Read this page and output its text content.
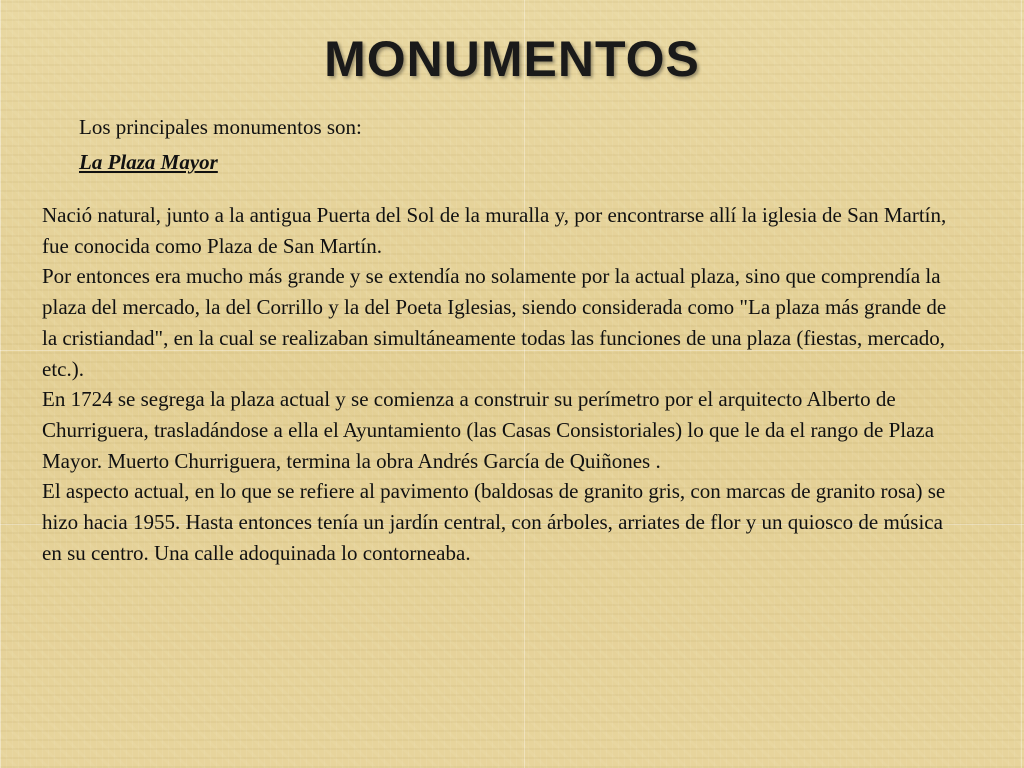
MONUMENTOS
Los principales monumentos son:
La Plaza Mayor

Nació natural, junto a la antigua Puerta del Sol de la muralla y, por encontrarse allí la iglesia de San Martín, fue conocida como Plaza de San Martín.

Por entonces era mucho más grande y se extendía no solamente por la actual plaza, sino que comprendía la plaza del mercado, la del Corrillo y la del Poeta Iglesias, siendo considerada como "La plaza más grande de la cristiandad", en la cual se realizaban simultáneamente todas las funciones de una plaza (fiestas, mercado, etc.).

En 1724 se segrega la plaza actual y se comienza a construir su perímetro por el arquitecto Alberto de Churriguera, trasladándose a ella el Ayuntamiento (las Casas Consistoriales) lo que le da el rango de Plaza Mayor. Muerto Churriguera, termina la obra Andrés García de Quiñones .

El aspecto actual, en lo que se refiere al pavimento (baldosas de granito gris, con marcas de granito rosa) se hizo hacia 1955. Hasta entonces tenía un jardín central, con árboles, arriates de flor y un quiosco de música en su centro. Una calle adoquinada lo contorneaba.
